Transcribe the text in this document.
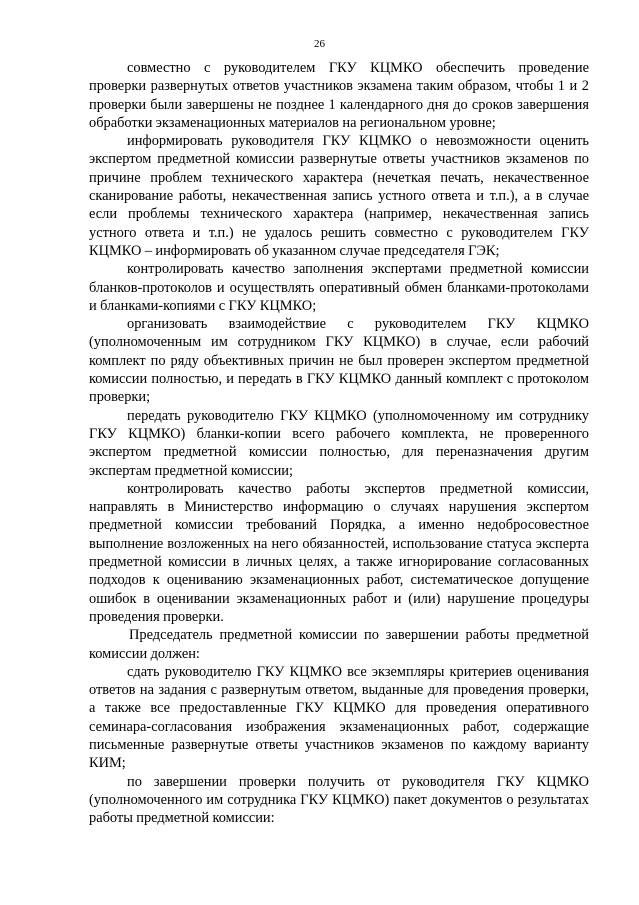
26

совместно с руководителем ГКУ КЦМКО обеспечить проведение проверки развернутых ответов участников экзамена таким образом, чтобы 1 и 2 проверки были завершены не позднее 1 календарного дня до сроков завершения обработки экзаменационных материалов на региональном уровне;

информировать руководителя ГКУ КЦМКО о невозможности оценить экспертом предметной комиссии развернутые ответы участников экзаменов по причине проблем технического характера (нечеткая печать, некачественное сканирование работы, некачественная запись устного ответа и т.п.), а в случае если проблемы технического характера (например, некачественная запись устного ответа и т.п.) не удалось решить совместно с руководителем ГКУ КЦМКО – информировать об указанном случае председателя ГЭК;

контролировать качество заполнения экспертами предметной комиссии бланков-протоколов и осуществлять оперативный обмен бланками-протоколами и бланками-копиями с ГКУ КЦМКО;

организовать взаимодействие с руководителем ГКУ КЦМКО (уполномоченным им сотрудником ГКУ КЦМКО) в случае, если рабочий комплект по ряду объективных причин не был проверен экспертом предметной комиссии полностью, и передать в ГКУ КЦМКО данный комплект с протоколом проверки;

передать руководителю ГКУ КЦМКО (уполномоченному им сотруднику ГКУ КЦМКО) бланки-копии всего рабочего комплекта, не проверенного экспертом предметной комиссии полностью, для переназначения другим экспертам предметной комиссии;

контролировать качество работы экспертов предметной комиссии, направлять в Министерство информацию о случаях нарушения экспертом предметной комиссии требований Порядка, а именно недобросовестное выполнение возложенных на него обязанностей, использование статуса эксперта предметной комиссии в личных целях, а также игнорирование согласованных подходов к оцениванию экзаменационных работ, систематическое допущение ошибок в оценивании экзаменационных работ и (или) нарушение процедуры проведения проверки.

Председатель предметной комиссии по завершении работы предметной комиссии должен:

сдать руководителю ГКУ КЦМКО все экземпляры критериев оценивания ответов на задания с развернутым ответом, выданные для проведения проверки, а также все предоставленные ГКУ КЦМКО для проведения оперативного семинара-согласования изображения экзаменационных работ, содержащие письменные развернутые ответы участников экзаменов по каждому варианту КИМ;

по завершении проверки получить от руководителя ГКУ КЦМКО (уполномоченного им сотрудника ГКУ КЦМКО) пакет документов о результатах работы предметной комиссии:
